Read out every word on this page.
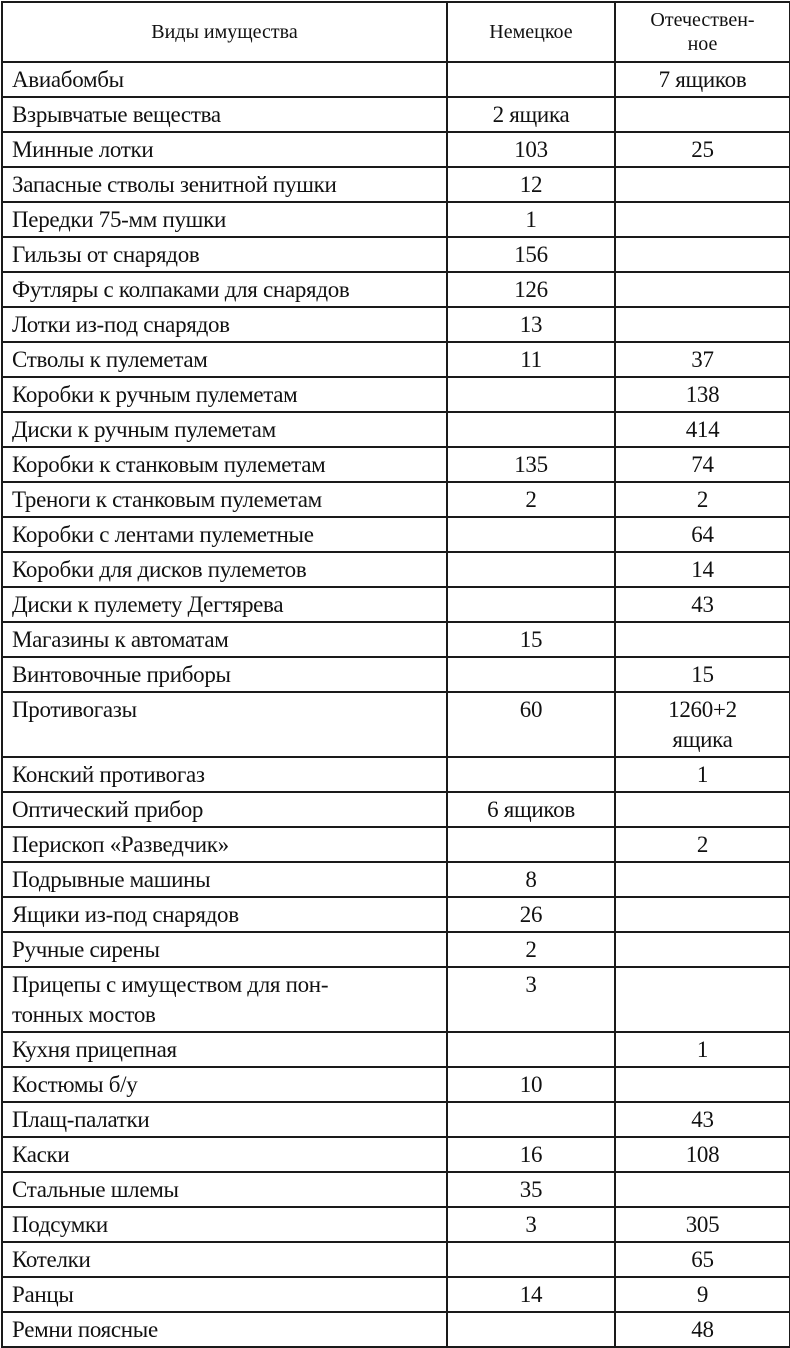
Виды имущества	Немецкое	Отечествен-
ное
Авиабомбы		7 ящиков
Взрывчатые вещества	2 ящика	
Минные лотки	103	25
Запасные стволы зенитной пушки	12	
Передки 75-мм пушки	1	
Гильзы от снарядов	156	
Футляры с колпаками для снарядов	126	
Лотки из-под снарядов	13	
Стволы к пулеметам	11	37
Коробки к ручным пулеметам		138
Диски к ручным пулеметам		414
Коробки к станковым пулеметам	135	74
Треноги к станковым пулеметам	2	2
Коробки с лентами пулеметные		64
Коробки для дисков пулеметов		14
Диски к пулемету Дегтярева		43
Магазины к автоматам	15	
Винтовочные приборы		15
Противогазы	60	1260+2
ящика
Конский противогаз		1
Оптический прибор	6 ящиков	
Перископ «Разведчик»		2
Подрывные машины	8	
Ящики из-под снарядов	26	
Ручные сирены	2	
Прицепы с имуществом для пон-
тонных мостов	3	
Кухня прицепная		1
Костюмы б/у	10	
Плащ-палатки		43
Каски	16	108
Стальные шлемы	35	
Подсумки	3	305
Котелки		65
Ранцы	14	9
Ремни поясные		48
